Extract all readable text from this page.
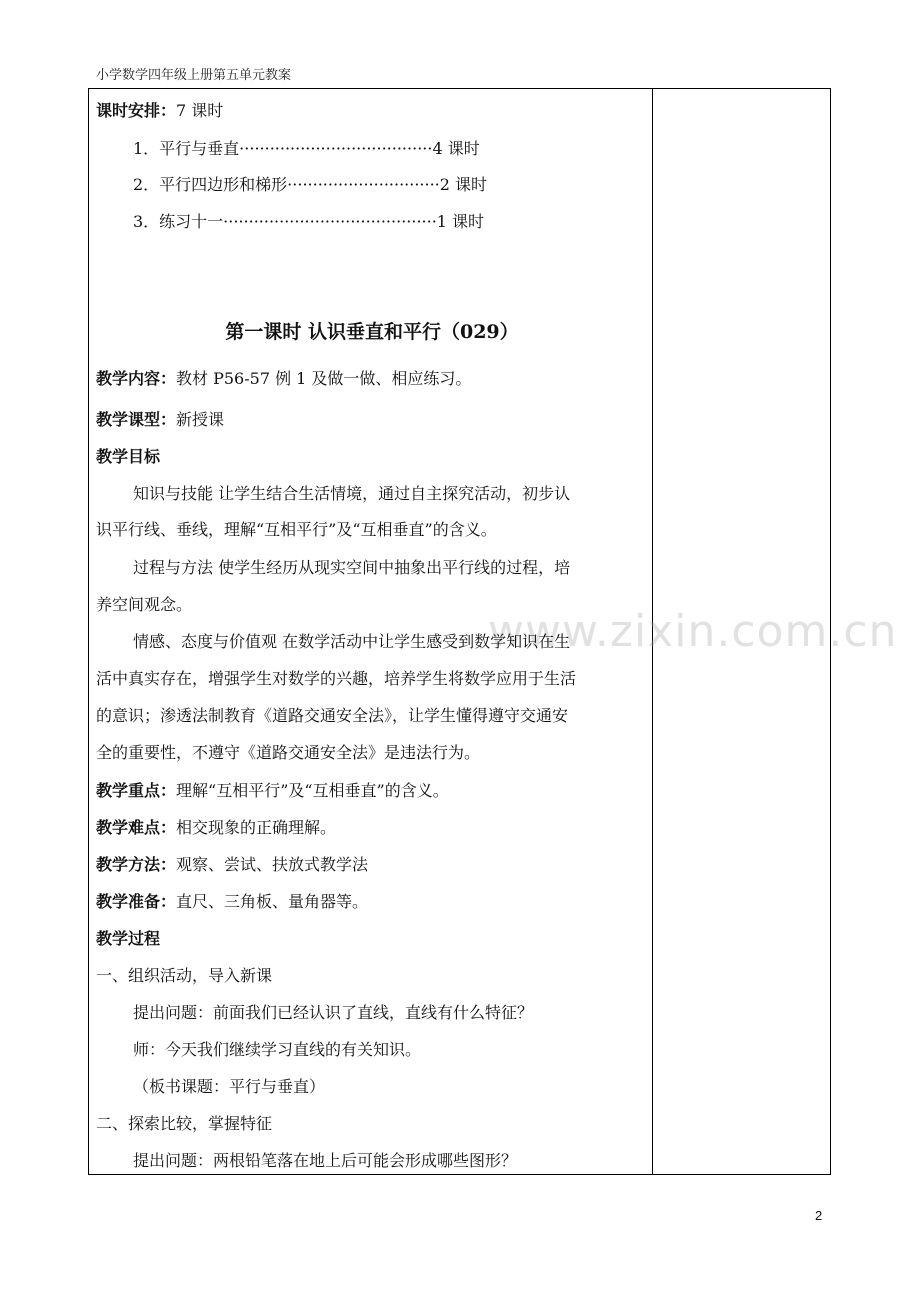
小学数学四年级上册第五单元教案
www.zixin.com.cn
课时安排：7 课时
1．平行与垂直······································4 课时
2．平行四边形和梯形······························2 课时
3．练习十一··········································1 课时
第一课时 认识垂直和平行（029）
教学内容：教材 P56-57 例 1 及做一做、相应练习。
教学课型：新授课
教学目标
知识与技能 让学生结合生活情境，通过自主探究活动，初步认
识平行线、垂线，理解“互相平行”及“互相垂直”的含义。
过程与方法 使学生经历从现实空间中抽象出平行线的过程，培
养空间观念。
情感、态度与价值观 在数学活动中让学生感受到数学知识在生
活中真实存在，增强学生对数学的兴趣，培养学生将数学应用于生活
的意识；渗透法制教育《道路交通安全法》，让学生懂得遵守交通安
全的重要性，不遵守《道路交通安全法》是违法行为。
教学重点：理解“互相平行”及“互相垂直”的含义。
教学难点：相交现象的正确理解。
教学方法：观察、尝试、扶放式教学法
教学准备：直尺、三角板、量角器等。
教学过程
一、组织活动，导入新课
提出问题：前面我们已经认识了直线，直线有什么特征？
师：今天我们继续学习直线的有关知识。
（板书课题：平行与垂直）
二、探索比较，掌握特征
提出问题：两根铅笔落在地上后可能会形成哪些图形？
2
